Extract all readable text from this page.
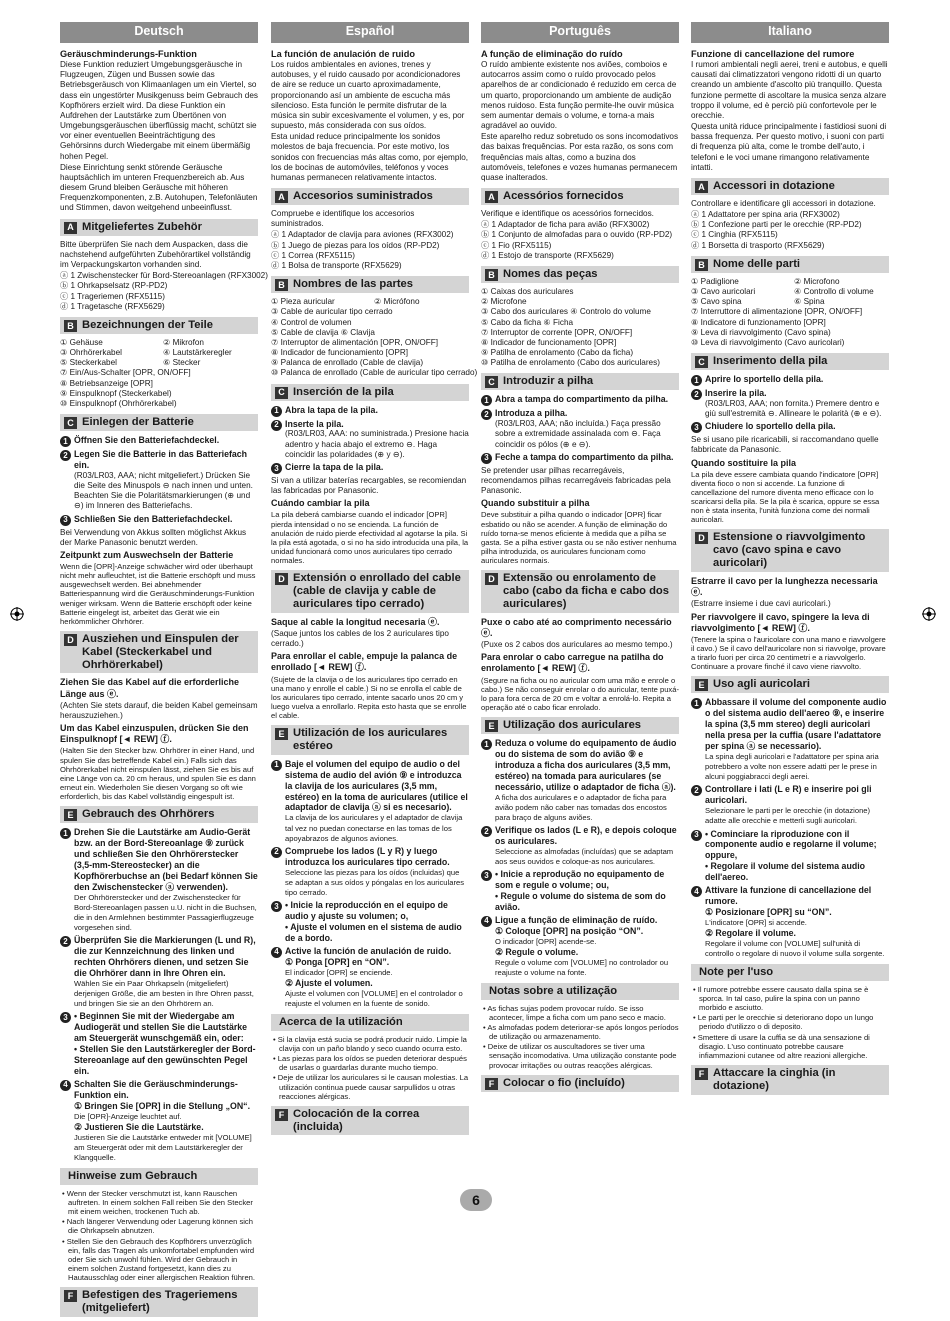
Deutsch
Geräuschminderungs-Funktion

Diese Funktion reduziert Umgebungsgeräusche in Flugzeugen, Zügen und Bussen sowie das Betriebsgeräusch von Klimaanlagen um ein Viertel, so dass ein ungestörter Musikgenuss beim Gebrauch des Kopfhörers erzielt wird. Da diese Funktion ein Aufdrehen der Lautstärke zum Übertönen von Umgebungsgeräuschen überflüssig macht, schützt sie vor einer eventuellen Beeinträchtigung des Gehörsinns durch Wiedergabe mit einem übermäßig hohen Pegel.

Diese Einrichtung senkt störende Geräusche hauptsächlich im unteren Frequenzbereich ab. Aus diesem Grund bleiben Geräusche mit höheren Frequenzkomponenten, z.B. Autohupen, Telefonläuten und Stimmen, davon weitgehend unbeeinflusst.

A Mitgeliefertes Zubehör

Bitte überprüfen Sie nach dem Auspacken, dass die nachstehend aufgeführten Zubehörartikel vollständig im Verpackungskarton vorhanden sind.

ⓐ 1 Zwischenstecker für Bord-Stereoanlagen (RFX3002)
ⓑ 1 Ohrkapselsatz (RP-PD2)
ⓒ 1 Trageriemen (RFX5115)
ⓓ 1 Tragetasche (RFX5629)
B Bezeichnungen der Teile
① Gehäuse	② Mikrofon
③ Ohrhörerkabel	④ Lautstärkeregler
⑤ Steckerkabel	⑥ Stecker
⑦ Ein/Aus-Schalter [OPR, ON/OFF]
⑧ Betriebsanzeige [OPR]
⑨ Einspulknopf (Steckerkabel)
⑩ Einspulknopf (Ohrhörerkabel)
C Einlegen der Batterie
1 Öffnen Sie den Batteriefachdeckel.
2 Legen Sie die Batterie in das Batteriefach ein.
(R03/LR03, AAA; nicht mitgeliefert.) Drücken Sie die Seite des Minuspols ⊖ nach innen und unten. Beachten Sie die Polaritätsmarkierungen (⊕ und ⊖) im Inneren des Batteriefachs.
3 Schließen Sie den Batteriefachdeckel.

Bei Verwendung von Akkus sollten möglichst Akkus der Marke Panasonic benutzt werden.

Zeitpunkt zum Auswechseln der Batterie

Wenn die [OPR]-Anzeige schwächer wird oder überhaupt nicht mehr aufleuchtet, ist die Batterie erschöpft und muss ausgewechselt werden. Bei abnehmender Batteriespannung wird die Geräuschminderungs-Funktion weniger wirksam. Wenn die Batterie erschöpft oder keine Batterie eingelegt ist, arbeitet das Gerät wie ein herkömmlicher Ohrhörer.

D Ausziehen und Einspulen der Kabel (Steckerkabel und Ohrhörerkabel)
Ziehen Sie das Kabel auf die erforderliche Länge aus ⓔ.

(Achten Sie stets darauf, die beiden Kabel gemeinsam herauszuziehen.)

Um das Kabel einzuspulen, drücken Sie den Einspulknopf [◄ REW] ⓕ.

(Halten Sie den Stecker bzw. Ohrhörer in einer Hand, und spulen Sie das betreffende Kabel ein.) Falls sich das Ohrhörerkabel nicht einspulen lässt, ziehen Sie es bis auf eine Länge von ca. 20 cm heraus, und spulen Sie es dann erneut ein. Wiederholen Sie diesen Vorgang so oft wie erforderlich, bis das Kabel vollständig eingespult ist.

E Gebrauch des Ohrhörers
1 Drehen Sie die Lautstärke am Audio-Gerät bzw. an der Bord-Stereoanlage ⑨ zurück und schließen Sie den Ohrhörerstecker (3,5-mm-Stereostecker) an die Kopfhörerbuchse an (bei Bedarf können Sie den Zwischenstecker ⓐ verwenden).
Der Ohrhörerstecker und der Zwischenstecker für Bord-Stereoanlagen passen u.U. nicht in die Buchsen, die in den Armlehnen bestimmter Passagierflugzeuge vorgesehen sind.
2 Überprüfen Sie die Markierungen (L und R), die zur Kennzeichnung des linken und rechten Ohrhörers dienen, und setzen Sie die Ohrhörer dann in Ihre Ohren ein.
Wählen Sie ein Paar Ohrkapseln (mitgeliefert) derjenigen Größe, die am besten in Ihre Ohren passt, und bringen Sie sie an den Ohrhörern an.
3 • Beginnen Sie mit der Wiedergabe am Audiogerät und stellen Sie die Lautstärke am Steuergerät wunschgemäß ein, oder:
• Stellen Sie den Lautstärkeregler der Bord-Stereoanlage auf den gewünschten Pegel ein.
4 Schalten Sie die Geräuschminderungs-Funktion ein.
① Bringen Sie [OPR] in die Stellung „ON“.
Die [OPR]-Anzeige leuchtet auf.
② Justieren Sie die Lautstärke.
Justieren Sie die Lautstärke entweder mit [VOLUME] am Steuergerät oder mit dem Lautstärkeregler der Klangquelle.
Hinweise zum Gebrauch
• Wenn der Stecker verschmutzt ist, kann Rauschen auftreten. In einem solchen Fall reiben Sie den Stecker mit einem weichen, trockenen Tuch ab.
• Nach längerer Verwendung oder Lagerung können sich die Ohrkapseln abnutzen.
• Stellen Sie den Gebrauch des Kopfhörers unverzüglich ein, falls das Tragen als unkomfortabel empfunden wird oder Sie sich unwohl fühlen. Wird der Gebrauch in einem solchen Zustand fortgesetzt, kann dies zu Hautausschlag oder einer allergischen Reaktion führen.
F Befestigen des Trageriemens (mitgeliefert)
Español
La función de anulación de ruido

Los ruidos ambientales en aviones, trenes y autobuses, y el ruido causado por acondicionadores de aire se reduce un cuarto aproximadamente, proporcionando así un ambiente de escucha más silencioso. Esta función le permite disfrutar de la música sin subir excesivamente el volumen, y es, por supuesto, más considerada con sus oídos.

Esta unidad reduce principalmente los sonidos molestos de baja frecuencia. Por este motivo, los sonidos con frecuencias más altas como, por ejemplo, los de bocinas de automóviles, teléfonos y voces humanas permanecen relativamente intactos.

A Accesorios suministrados

Compruebe e identifique los accesorios suministrados.

ⓐ 1 Adaptador de clavija para aviones (RFX3002)
ⓑ 1 Juego de piezas para los oídos (RP-PD2)
ⓒ 1 Correa (RFX5115)
ⓓ 1 Bolsa de transporte (RFX5629)
B Nombres de las partes
① Pieza auricular	② Micrófono
③ Cable de auricular tipo cerrado
④ Control de volumen
⑤ Cable de clavija ⑥ Clavija
⑦ Interruptor de alimentación [OPR, ON/OFF]
⑧ Indicador de funcionamiento [OPR]
⑨ Palanca de enrollado (Cable de clavija)
⑩ Palanca de enrollado (Cable de auricular tipo cerrado)
C Inserción de la pila
1 Abra la tapa de la pila.
2 Inserte la pila.
(R03/LR03, AAA: no suministrada.) Presione hacia adentro y hacia abajo el extremo ⊖. Haga coincidir las polaridades (⊕ y ⊖).
3 Cierre la tapa de la pila.

Si van a utilizar baterías recargables, se recomiendan las fabricadas por Panasonic.

Cuándo cambiar la pila

La pila deberá cambiarse cuando el indicador [OPR] pierda intensidad o no se encienda. La función de anulación de ruido pierde efectividad al agotarse la pila. Si la pila está agotada, o si no ha sido introducida una pila, la unidad funcionará como unos auriculares tipo cerrado normales.

D Extensión o enrollado del cable (cable de clavija y cable de auriculares tipo cerrado)
Saque al cable la longitud necesaria ⓔ.

(Saque juntos los cables de los 2 auriculares tipo cerrado.)

Para enrollar el cable, empuje la palanca de enrollado [◄ REW] ⓕ.

(Sujete de la clavija o de los auriculares tipo cerrado en una mano y enrolle el cable.) Si no se enrolla el cable de los auriculares tipo cerrado, intente sacarlo unos 20 cm y luego vuelva a enrollarlo. Repita esto hasta que se enrolle el cable.

E Utilización de los auriculares estéreo
1 Baje el volumen del equipo de audio o del sistema de audio del avión ⑨ e introduzca la clavija de los auriculares (3,5 mm, estéreo) en la toma de auriculares (utilice el adaptador de clavija ⓐ si es necesario).
La clavija de los auriculares y el adaptador de clavija tal vez no puedan conectarse en las tomas de los apoyabrazos de algunos aviones.
2 Compruebe los lados (L y R) y luego introduzca los auriculares tipo cerrado.
Seleccione las piezas para los oídos (incluidas) que se adaptan a sus oídos y póngalas en los auriculares tipo cerrado.
3 • Inicie la reproducción en el equipo de audio y ajuste su volumen; o,
• Ajuste el volumen en el sistema de audio de a bordo.
4 Active la función de anulación de ruido.
① Ponga [OPR] en “ON”.
El indicador [OPR] se enciende.
② Ajuste el volumen.
Ajuste el volumen con [VOLUME] en el controlador o reajuste el volumen en la fuente de sonido.
Acerca de la utilización
• Si la clavija está sucia se podrá producir ruido. Limpie la clavija con un paño blando y seco cuando ocurra esto.
• Las piezas para los oídos se pueden deteriorar después de usarlas o guardarlas durante mucho tiempo.
• Deje de utilizar los auriculares si le causan molestias. La utilización continua puede causar sarpullidos u otras reacciones alérgicas.
F Colocación de la correa (incluida)
Português
A função de eliminação do ruído

O ruído ambiente existente nos aviões, comboios e autocarros assim como o ruído provocado pelos aparelhos de ar condicionado é reduzido em cerca de um quarto, proporcionando um ambiente de audição menos ruidoso. Esta função permite-lhe ouvir música sem aumentar demais o volume, e torna-a mais agradável ao ouvido.

Este aparelho reduz sobretudo os sons incomodativos das baixas frequências. Por esta razão, os sons com frequências mais altas, como a buzina dos automóveis, telefones e vozes humanas permanecem quase inalterados.

A Acessórios fornecidos

Verifique e identifique os acessórios fornecidos.

ⓐ 1 Adaptador de ficha para avião (RFX3002)
ⓑ 1 Conjunto de almofadas para o ouvido (RP-PD2)
ⓒ 1 Fio (RFX5115)
ⓓ 1 Estojo de transporte (RFX5629)
B Nomes das peças
① Caixas dos auriculares
② Microfone
③ Cabo dos auriculares ④ Controlo do volume
⑤ Cabo da ficha ⑥ Ficha
⑦ Interruptor de corrente [OPR, ON/OFF]
⑧ Indicador de funcionamento [OPR]
⑨ Patilha de enrolamento (Cabo da ficha)
⑩ Patilha de enrolamento (Cabo dos auriculares)
C Introduzir a pilha
1 Abra a tampa do compartimento da pilha.
2 Introduza a pilha.
(R03/LR03, AAA; não incluída.) Faça pressão sobre a extremidade assinalada com ⊖. Faça coincidir os pólos (⊕ e ⊖).
3 Feche a tampa do compartimento da pilha.

Se pretender usar pilhas recarregáveis, recomendamos pilhas recarregáveis fabricadas pela Panasonic.

Quando substituir a pilha

Deve substituir a pilha quando o indicador [OPR] ficar esbatido ou não se acender. A função de eliminação do ruído torna-se menos eficiente à medida que a pilha se gasta. Se a pilha estiver gasta ou se não estiver nenhuma pilha introduzida, os auriculares funcionam como auriculares normais.

D Extensão ou enrolamento de cabo (cabo da ficha e cabo dos auriculares)
Puxe o cabo até ao comprimento necessário ⓔ.

(Puxe os 2 cabos dos auriculares ao mesmo tempo.)

Para enrolar o cabo carregue na patilha do enrolamento [◄ REW] ⓕ.

(Segure na ficha ou no auricular com uma mão e enrole o cabo.) Se não conseguir enrolar o do auricular, tente puxá-lo para fora cerca de 20 cm e voltar a enrolá-lo. Repita a operação até o cabo ficar enrolado.

E Utilização dos auriculares
1 Reduza o volume do equipamento de áudio ou do sistema de som do avião ⑨ e introduza a ficha dos auriculares (3,5 mm, estéreo) na tomada para auriculares (se necessário, utilize o adaptador de ficha ⓐ).
A ficha dos auriculares e o adaptador de ficha para avião podem não caber nas tomadas dos encostos para braço de alguns aviões.
2 Verifique os lados (L e R), e depois coloque os auriculares.
Seleccione as almofadas (incluídas) que se adaptam aos seus ouvidos e coloque-as nos auriculares.
3 • Inicie a reprodução no equipamento de som e regule o volume; ou,
• Regule o volume do sistema de som do avião.
4 Ligue a função de eliminação de ruído.
① Coloque [OPR] na posição “ON”.
O indicador [OPR] acende-se.
② Regule o volume.
Regule o volume com [VOLUME] no controlador ou reajuste o volume na fonte.
Notas sobre a utilização
• As fichas sujas podem provocar ruído. Se isso acontecer, limpe a ficha com um pano seco e macio.
• As almofadas podem deteriorar-se após longos períodos de utilização ou armazenamento.
• Deixe de utilizar os auscultadores se tiver uma sensação incomodativa. Uma utilização constante pode provocar irritações ou outras reacções alérgicas.
F Colocar o fio (incluído)
Italiano
Funzione di cancellazione del rumore

I rumori ambientali negli aerei, treni e autobus, e quelli causati dai climatizzatori vengono ridotti di un quarto creando un ambiente d'ascolto più tranquillo. Questa funzione permette di ascoltare la musica senza alzare troppo il volume, ed è perciò più confortevole per le orecchie.

Questa unità riduce principalmente i fastidiosi suoni di bassa frequenza. Per questo motivo, i suoni con parti di frequenza più alta, come le trombe dell'auto, i telefoni e le voci umane rimangono relativamente intatti.

A Accessori in dotazione

Controllare e identificare gli accessori in dotazione.

ⓐ 1 Adattatore per spina aria (RFX3002)
ⓑ 1 Confezione parti per le orecchie (RP-PD2)
ⓒ 1 Cinghia (RFX5115)
ⓓ 1 Borsetta di trasporto (RFX5629)
B Nome delle parti
① Padiglione	② Microfono
③ Cavo auricolari	④ Controllo di volume
⑤ Cavo spina	⑥ Spina
⑦ Interruttore di alimentazione [OPR, ON/OFF]
⑧ Indicatore di funzionamento [OPR]
⑨ Leva di riavvolgimento (Cavo spina)
⑩ Leva di riavvolgimento (Cavo auricolari)
C Inserimento della pila
1 Aprire lo sportello della pila.
2 Inserire la pila.
(R03/LR03, AAA; non fornita.) Premere dentro e giù sull'estremità ⊖. Allineare le polarità (⊕ e ⊖).
3 Chiudere lo sportello della pila.

Se si usano pile ricaricabili, si raccomandano quelle fabbricate da Panasonic.

Quando sostituire la pila

La pila deve essere cambiata quando l'indicatore [OPR] diventa fioco o non si accende. La funzione di cancellazione del rumore diventa meno efficace con lo scaricarsi della pila. Se la pila è scarica, oppure se essa non è stata inserita, l'unità funziona come dei normali auricolari.

D Estensione o riavvolgimento cavo (cavo spina e cavo auricolari)
Estrarre il cavo per la lunghezza necessaria ⓔ.

(Estrarre insieme i due cavi auricolari.)

Per riavvolgere il cavo, spingere la leva di riavvolgimento [◄ REW] ⓕ.

(Tenere la spina o l'auricolare con una mano e riavvolgere il cavo.) Se il cavo dell'auricolare non si riavvolge, provare a tirarlo fuori per circa 20 centimetri e a riavvolgerlo. Continuare a provare finché il cavo viene riavvolto.

E Uso agli auricolari
1 Abbassare il volume del componente audio o del sistema audio dell'aereo ⑨, e inserire la spina (3,5 mm stereo) degli auricolari nella presa per la cuffia (usare l'adattatore per spina ⓐ se necessario).
La spina degli auricolari e l'adattatore per spina aria potrebbero a volte non essere adatti per le prese in alcuni poggiabracci degli aerei.
2 Controllare i lati (L e R) e inserire poi gli auricolari.
Selezionare le parti per le orecchie (in dotazione) adatte alle orecchie e metterli sugli auricolari.
3 • Cominciare la riproduzione con il componente audio e regolarne il volume; oppure,
• Regolare il volume del sistema audio dell'aereo.
4 Attivare la funzione di cancellazione del rumore.
① Posizionare [OPR] su “ON”.
L'indicatore [OPR] si accende.
② Regolare il volume.
Regolare il volume con [VOLUME] sull'unità di controllo o regolare di nuovo il volume sulla sorgente.
Note per l'uso
• Il rumore potrebbe essere causato dalla spina se è sporca. In tal caso, pulire la spina con un panno morbido e asciutto.
• Le parti per le orecchie si deteriorano dopo un lungo periodo d'utilizzo o di deposito.
• Smettere di usare la cuffia se dà una sensazione di disagio. L'uso continuato potrebbe causare infiammazioni cutanee od altre reazioni allergiche.
F Attaccare la cinghia (in dotazione)
6
